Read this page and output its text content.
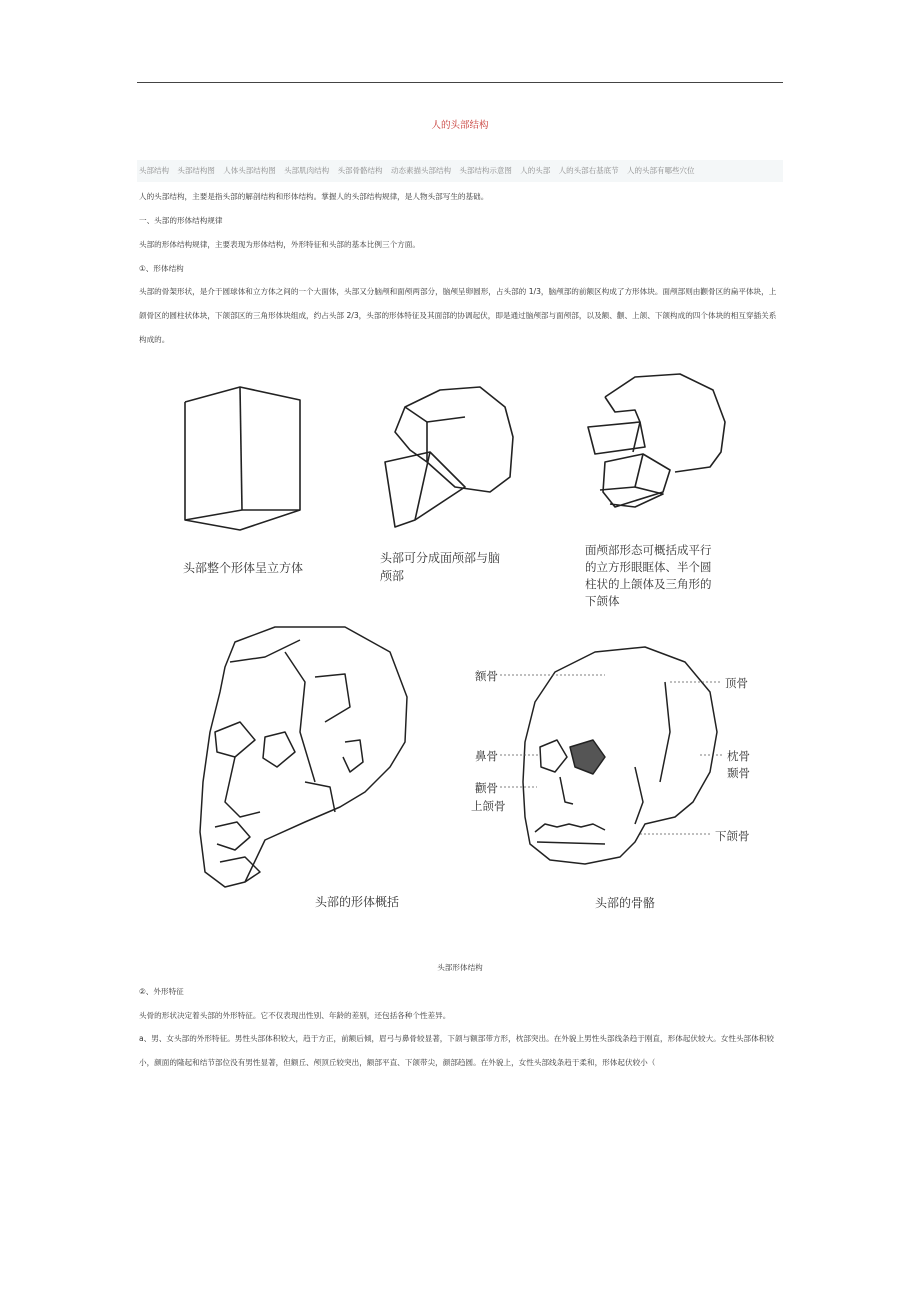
人的头部结构
头部结构 头部结构图 人体头部结构图 头部肌肉结构 头部骨骼结构 动态素描头部结构 头部结构示意图 人的头部 人的头部右基底节 人的头部有哪些穴位
人的头部结构，主要是指头部的解剖结构和形体结构。掌握人的头部结构规律，是人物头部写生的基础。
一、头部的形体结构规律
头部的形体结构规律，主要表现为形体结构，外形特征和头部的基本比例三个方面。
①、形体结构
头部的骨架形状，是介于圆球体和立方体之间的一个大面体，头部又分脑颅和面颅两部分，脑颅呈卵圆形，占头部的 1/3，脑颅部的前额区构成了方形体块。面颅部则由颧骨区的扁平体块，上颌骨区的圆柱状体块，下颌部区的三角形体块组成，约占头部 2/3，头部的形体特征及其面部的协调起伏，即是通过脑颅部与面颅部，以及额、颧、上颌、下颌构成的四个体块的相互穿插关系构成的。
头部整个形体呈立方体
头部可分成面颅部与脑
颅部
面颅部形态可概括成平行
的立方形眼眶体、半个圆
柱状的上颌体及三角形的
下颌体
头部的形体概括	头部的骨骼
额骨
鼻骨
颧骨
上颌骨
顶骨
枕骨
颞骨
下颌骨
头部形体结构
②、外形特征
头骨的形状决定着头部的外形特征。它不仅表现出性别、年龄的差别，还包括各种个性差异。
a、男、女头部的外形特征。男性头部体积较大，趋于方正，前额后倾，眉弓与鼻骨较显著，下颌与额部带方形，枕部突出。在外貌上男性头部线条趋于刚直，形体起伏较大。女性头部体积较小，颜面的隆起和结节部位没有男性显著，但额丘、颅顶丘较突出，额部平直、下颌带尖，颜部趋圆。在外貌上，女性头部线条趋于柔和，形体起伏较小（
